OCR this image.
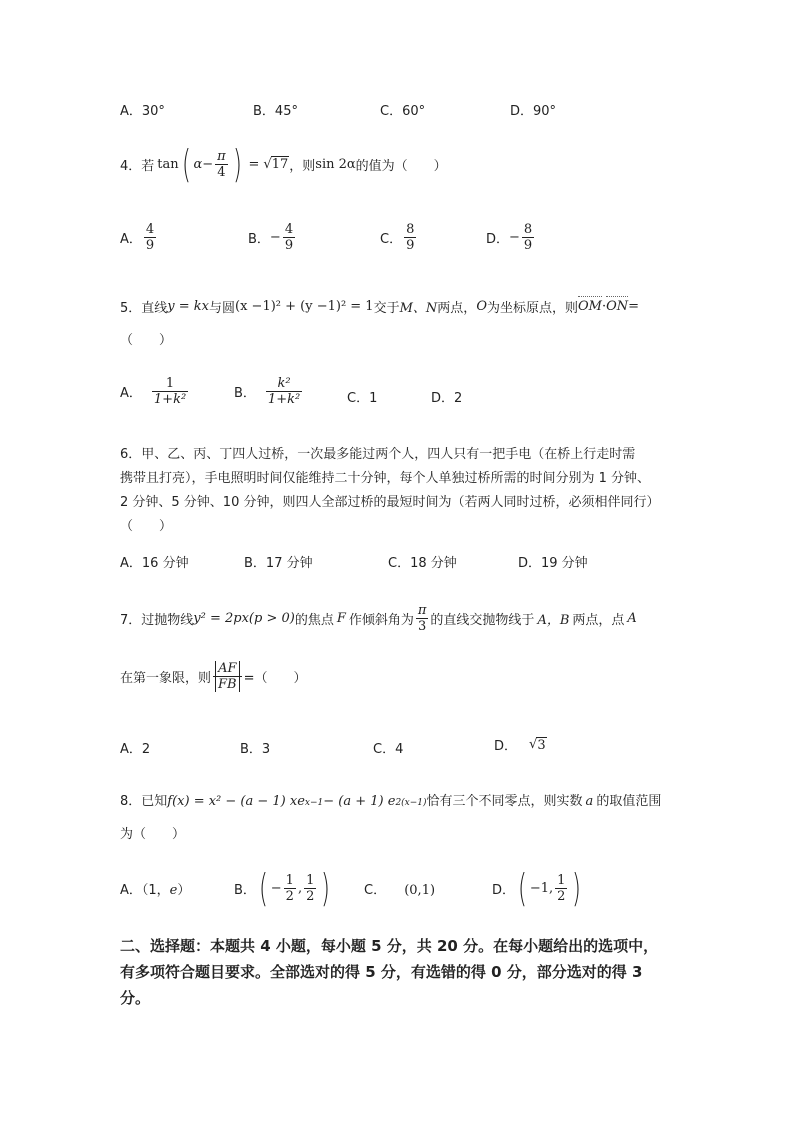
A．30°	B．45°	C．60°	D．90°
4．若 tan ( $\alpha- \frac{\pi}{4}$ ) = √ 17 ，则 sin 2α 的值为（　　）
A． $\frac{4}{9}$	B． − $\frac{4}{9}$	C． $\frac{8}{9}$	D． − $\frac{8}{9}$
5．直线 y = kx 与圆 (x −1)² + (y −1)² = 1 交于 M、N 两点， O 为坐标原点，则 OM · ON =
（　　）
A． $\frac{1}{\text{1+k²}}$	B． $\frac{\text{k²}}{\text{1+k²}}$	C．1	D．2
6．甲、乙、丙、丁四人过桥，一次最多能过两个人，四人只有一把手电（在桥上行走时需
携带且打亮），手电照明时间仅能维持二十分钟，每个人单独过桥所需的时间分别为 1 分钟、
2 分钟、5 分钟、10 分钟，则四人全部过桥的最短时间为（若两人同时过桥，必须相伴同行）
（　　）
A．16 分钟	B．17 分钟	C．18 分钟	D．19 分钟
7．过抛物线 y² = 2px(p > 0) 的焦点 F 作倾斜角为 $\frac{\pi}{3}$ 的直线交抛物线于 A，B 两点，点 A
在第一象限，则 $\frac{AF}{FB}$ =（　　）
A．2	B．3	C．4	D． √ 3
8．已知 f(x) = x² − (a − 1) xe x−1 − (a + 1) e 2(x−1) 恰有三个不同零点，则实数 a 的取值范围
为（　　）
A．（1，e）	B． ( − $\frac{1}{2}$ , $\frac{1}{2}$ )	C． (0,1)	D． ( −1, $\frac{1}{2}$ )
二、选择题：本题共 4 小题，每小题 5 分，共 20 分。在每小题给出的选项中，
有多项符合题目要求。全部选对的得 5 分，有选错的得 0 分，部分选对的得 3
分。
